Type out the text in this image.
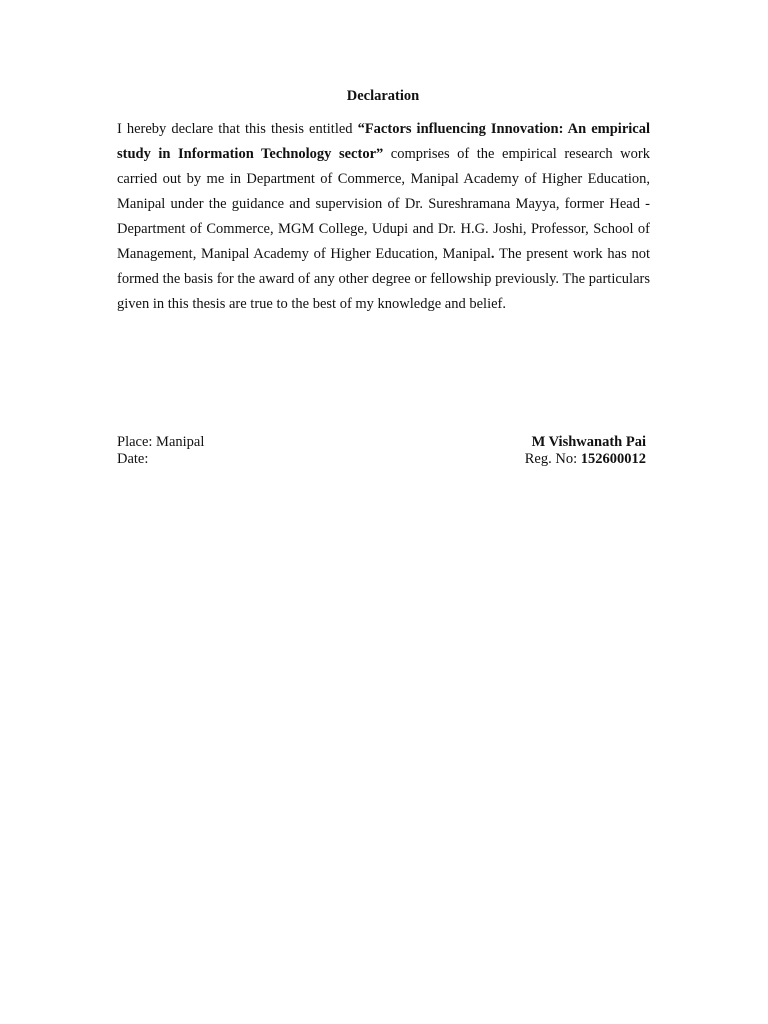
Declaration

I hereby declare that this thesis entitled “Factors influencing Innovation: An empirical study in Information Technology sector” comprises of the empirical research work carried out by me in Department of Commerce, Manipal Academy of Higher Education, Manipal under the guidance and supervision of Dr. Sureshramana Mayya, former Head - Department of Commerce, MGM College, Udupi and Dr. H.G. Joshi, Professor, School of Management, Manipal Academy of Higher Education, Manipal. The present work has not formed the basis for the award of any other degree or fellowship previously. The particulars given in this thesis are true to the best of my knowledge and belief.

Place: Manipal
Date:
M Vishwanath Pai
Reg. No: 152600012
